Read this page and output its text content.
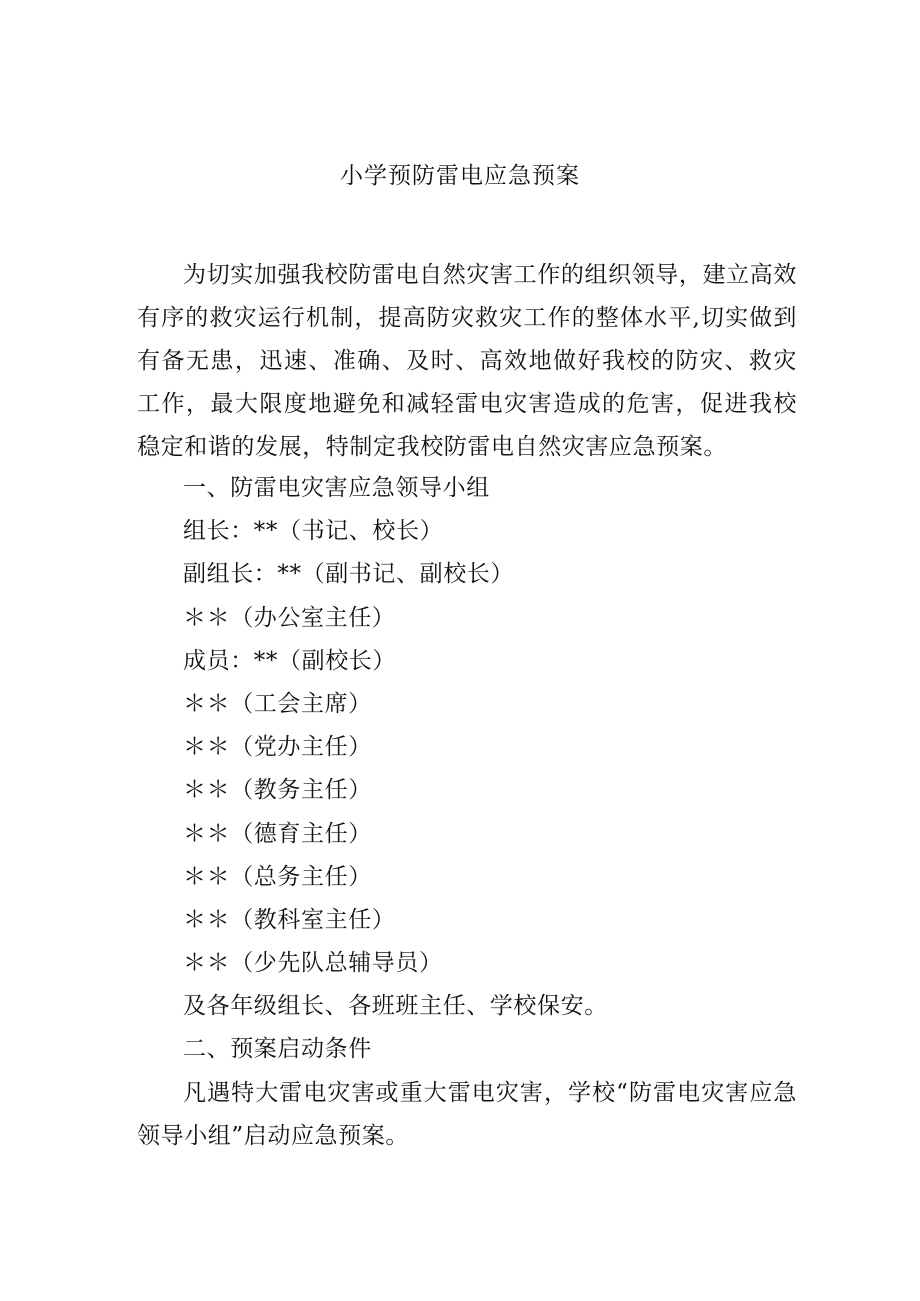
小学预防雷电应急预案

为切实加强我校防雷电自然灾害工作的组织领导，建立高效有序的救灾运行机制，提高防灾救灾工作的整体水平,切实做到有备无患，迅速、准确、及时、高效地做好我校的防灾、救灾工作，最大限度地避免和减轻雷电灾害造成的危害，促进我校稳定和谐的发展，特制定我校防雷电自然灾害应急预案。

一、防雷电灾害应急领导小组
组长：**（书记、校长）
副组长：**（副书记、副校长）
＊＊（办公室主任）
成员：**（副校长）
＊＊（工会主席）
＊＊（党办主任）
＊＊（教务主任）
＊＊（德育主任）
＊＊（总务主任）
＊＊（教科室主任）
＊＊（少先队总辅导员）
及各年级组长、各班班主任、学校保安。
二、预案启动条件

凡遇特大雷电灾害或重大雷电灾害，学校“防雷电灾害应急领导小组”启动应急预案。
